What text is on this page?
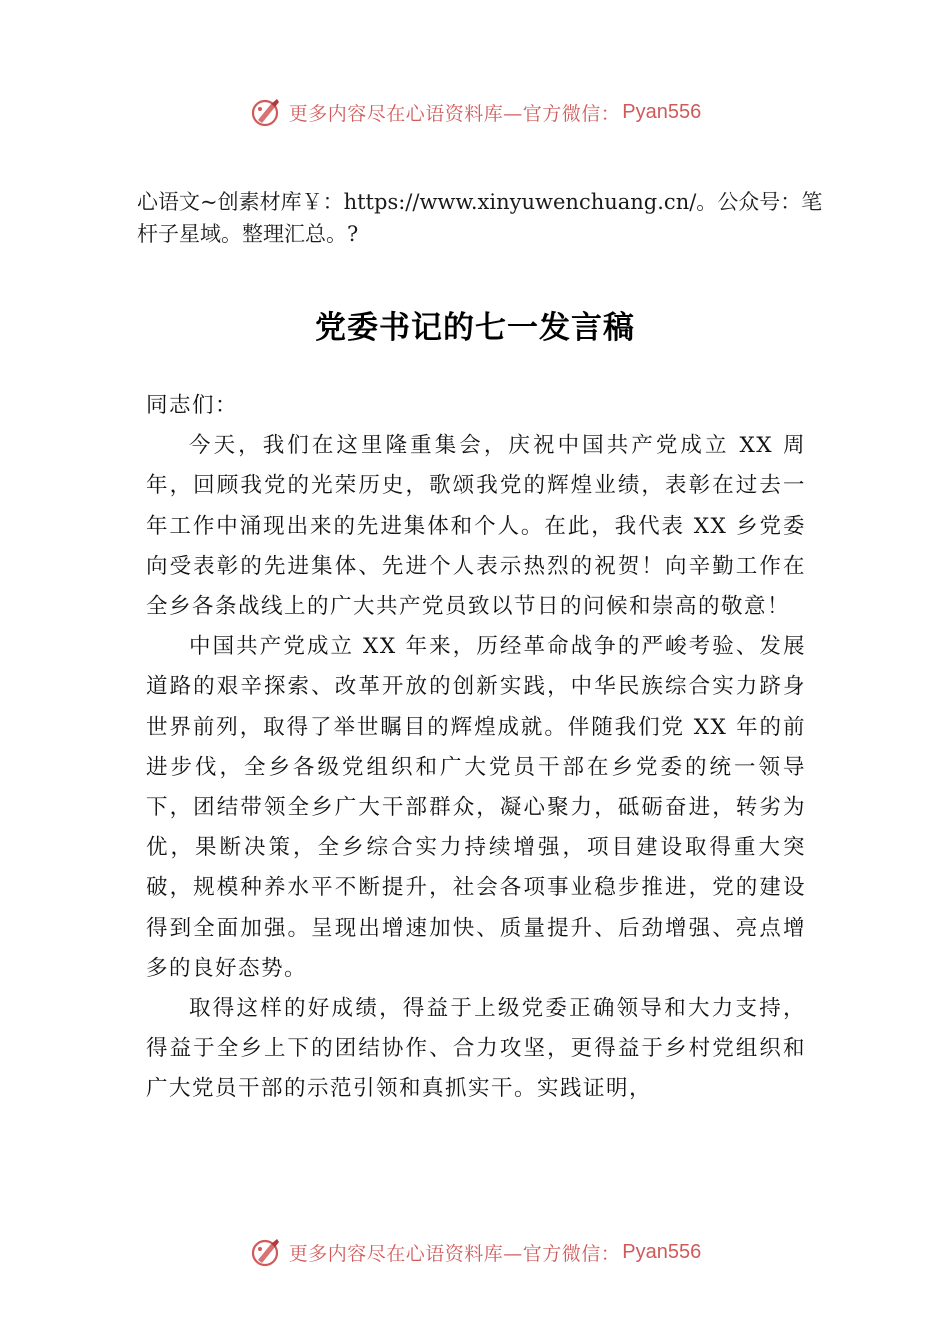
更多内容尽在心语资料库—官方微信： Pyan556
心语文~创素材库￥：https://www.xinyuwenchuang.cn/。公众号：笔杆子星域。整理汇总。?
党委书记的七一发言稿

同志们：

今天，我们在这里隆重集会，庆祝中国共产党成立 XX 周年，回顾我党的光荣历史，歌颂我党的辉煌业绩，表彰在过去一年工作中涌现出来的先进集体和个人。在此，我代表 XX 乡党委向受表彰的先进集体、先进个人表示热烈的祝贺！向辛勤工作在全乡各条战线上的广大共产党员致以节日的问候和崇高的敬意！

中国共产党成立 XX 年来，历经革命战争的严峻考验、发展道路的艰辛探索、改革开放的创新实践，中华民族综合实力跻身世界前列，取得了举世瞩目的辉煌成就。伴随我们党 XX 年的前进步伐，全乡各级党组织和广大党员干部在乡党委的统一领导下，团结带领全乡广大干部群众，凝心聚力，砥砺奋进，转劣为优，果断决策，全乡综合实力持续增强，项目建设取得重大突破，规模种养水平不断提升，社会各项事业稳步推进，党的建设得到全面加强。呈现出增速加快、质量提升、后劲增强、亮点增多的良好态势。

取得这样的好成绩，得益于上级党委正确领导和大力支持，得益于全乡上下的团结协作、合力攻坚，更得益于乡村党组织和广大党员干部的示范引领和真抓实干。实践证明，

更多内容尽在心语资料库—官方微信： Pyan556
